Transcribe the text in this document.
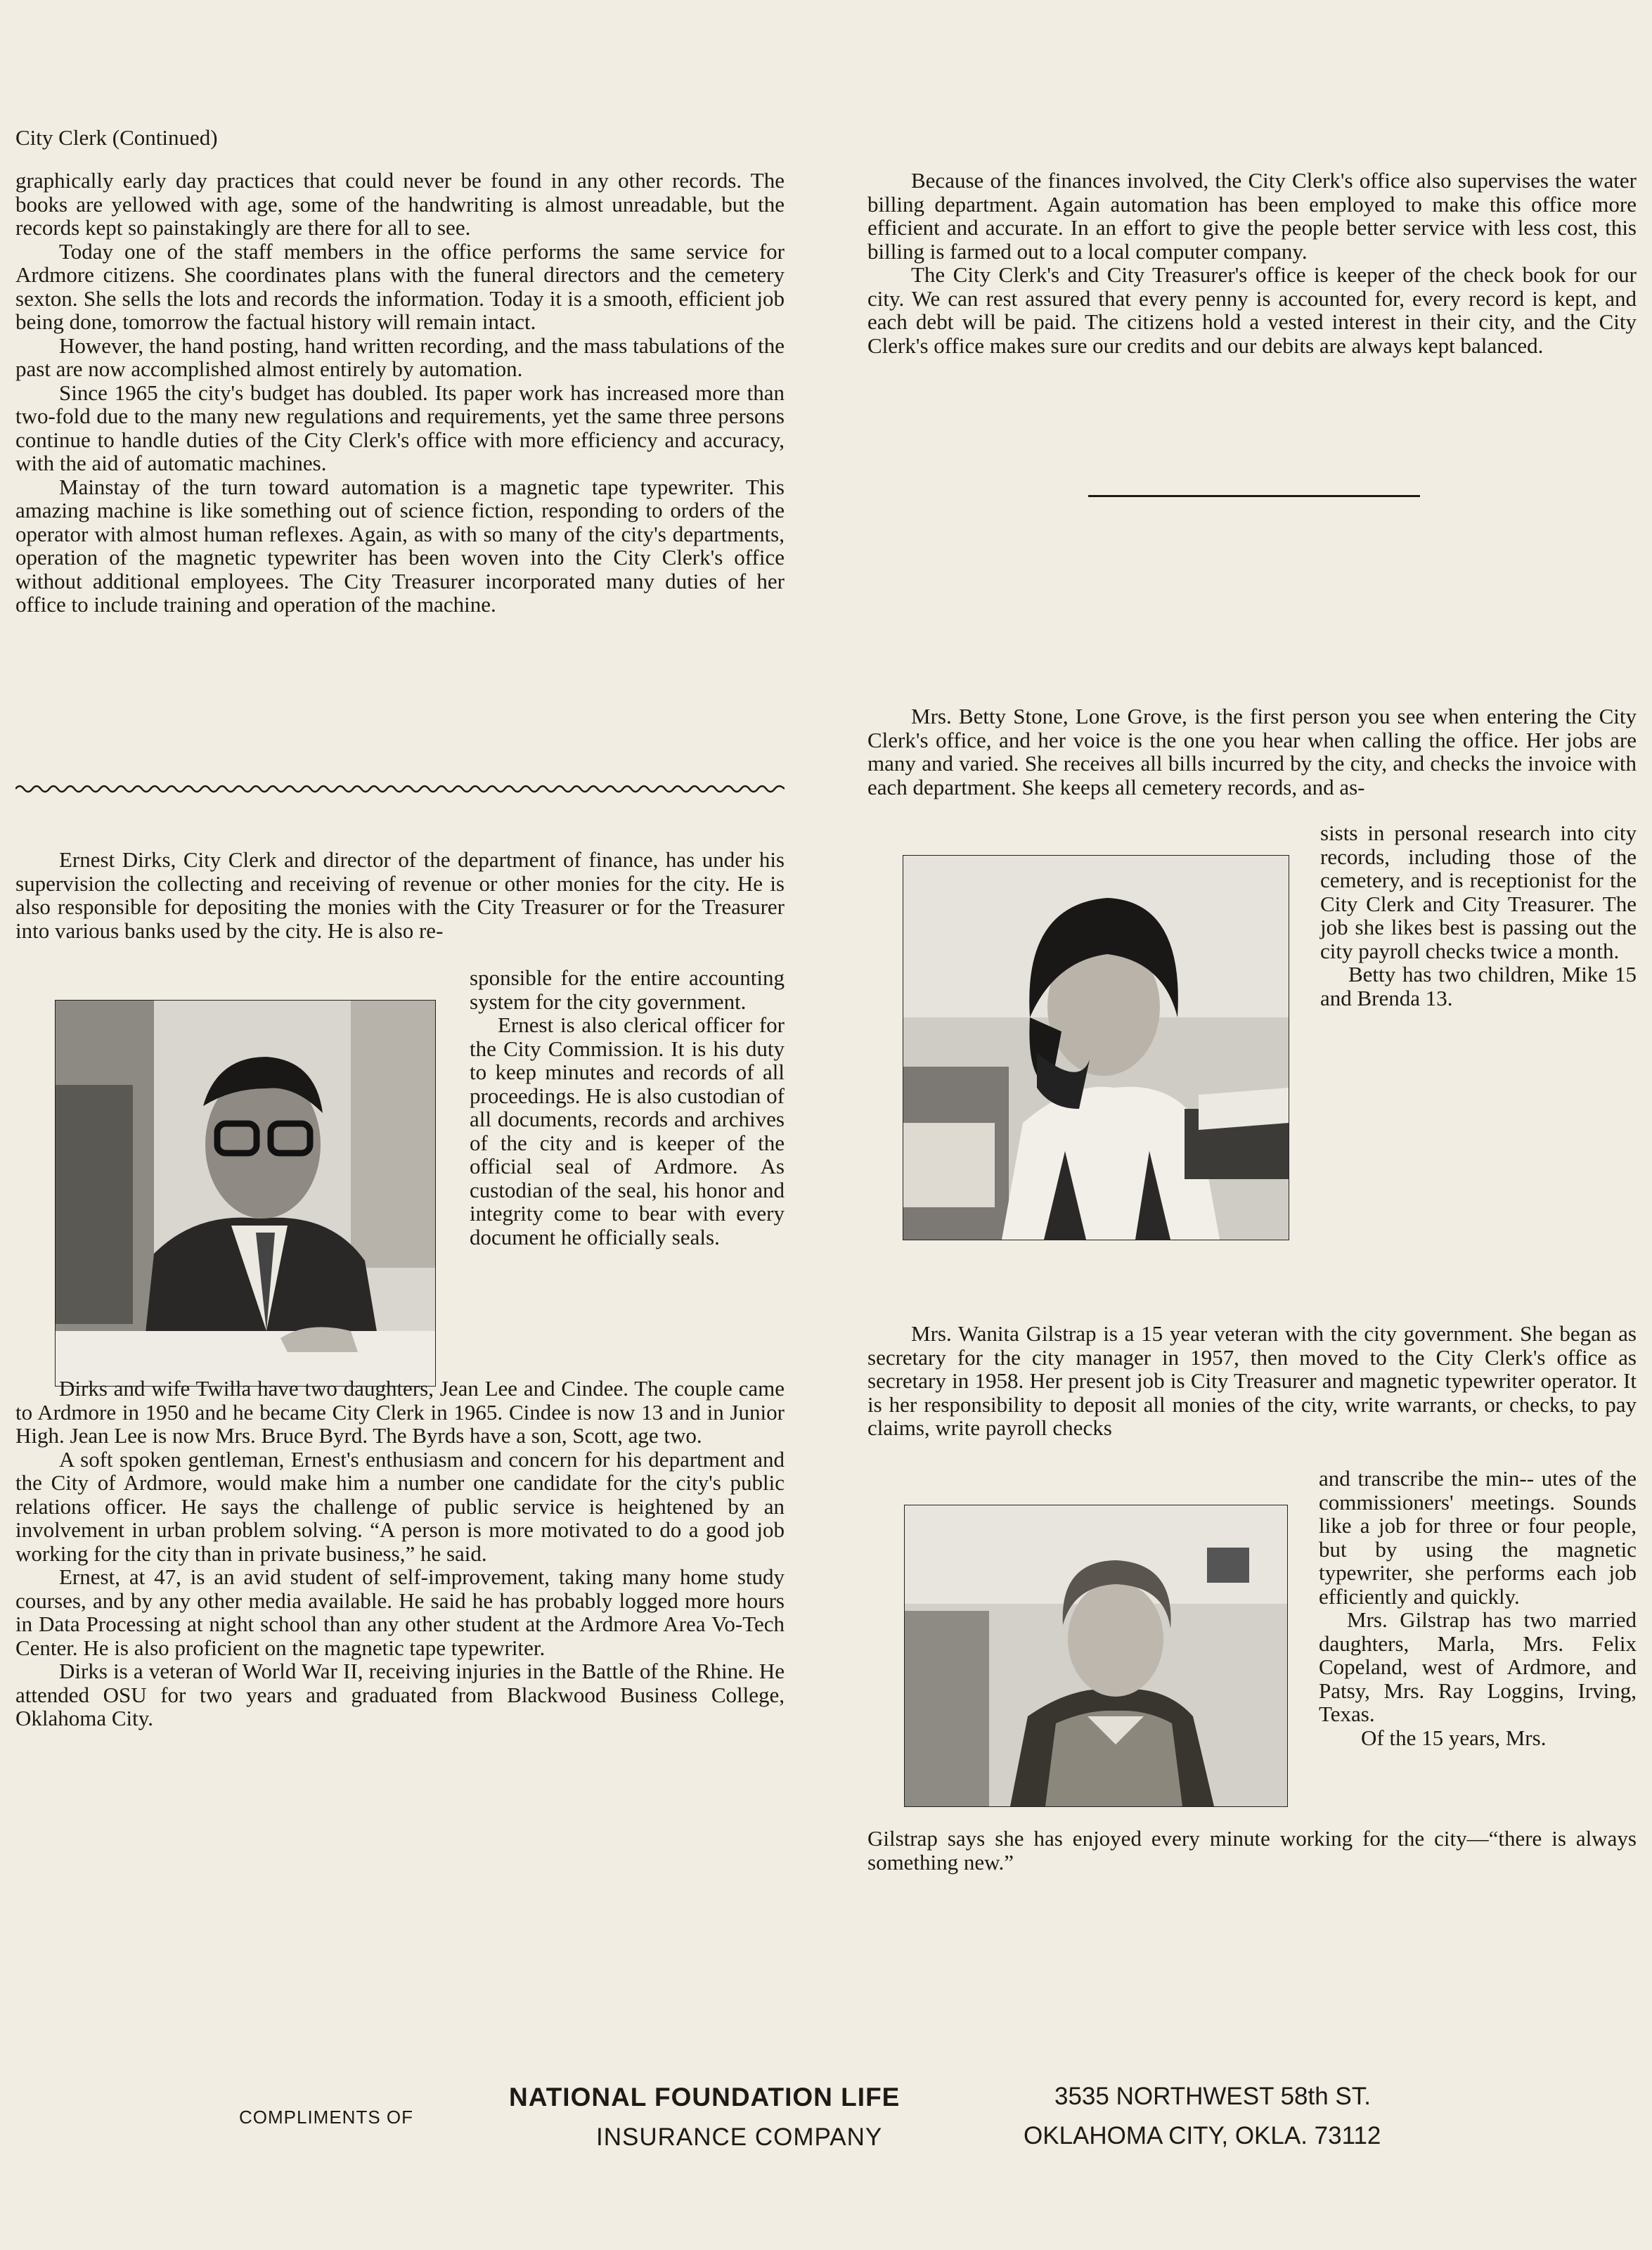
City Clerk (Continued)

graphically early day practices that could never be found in any other records. The books are yellowed with age, some of the handwriting is almost unreadable, but the records kept so painstakingly are there for all to see.

Today one of the staff members in the office performs the same service for Ardmore citizens. She coordinates plans with the funeral directors and the cemetery sexton. She sells the lots and records the information. Today it is a smooth, efficient job being done, tomorrow the factual history will remain intact.

However, the hand posting, hand written recording, and the mass tabulations of the past are now accomplished almost entirely by automation.

Since 1965 the city's budget has doubled. Its paper work has increased more than two-fold due to the many new regulations and requirements, yet the same three persons continue to handle duties of the City Clerk's office with more efficiency and accuracy, with the aid of automatic machines.

Mainstay of the turn toward automation is a magnetic tape typewriter. This amazing machine is like something out of science fiction, responding to orders of the operator with almost human reflexes. Again, as with so many of the city's departments, operation of the magnetic typewriter has been woven into the City Clerk's office without additional employees. The City Treasurer incorporated many duties of her office to include training and operation of the machine.

Ernest Dirks, City Clerk and director of the department of finance, has under his supervision the collecting and receiving of revenue or other monies for the city. He is also responsible for depositing the monies with the City Treasurer or for the Treasurer into various banks used by the city. He is also re-

sponsible for the entire accounting system for the city government.

Ernest is also clerical officer for the City Commission. It is his duty to keep minutes and records of all proceedings. He is also custodian of all documents, records and archives of the city and is keeper of the official seal of Ardmore. As custodian of the seal, his honor and integrity come to bear with every document he officially seals.

Dirks and wife Twilla have two daughters, Jean Lee and Cindee. The couple came to Ardmore in 1950 and he became City Clerk in 1965. Cindee is now 13 and in Junior High. Jean Lee is now Mrs. Bruce Byrd. The Byrds have a son, Scott, age two.

A soft spoken gentleman, Ernest's enthusiasm and concern for his department and the City of Ardmore, would make him a number one candidate for the city's public relations officer. He says the challenge of public service is heightened by an involvement in urban problem solving. “A person is more motivated to do a good job working for the city than in private business,” he said.

Ernest, at 47, is an avid student of self-improvement, taking many home study courses, and by any other media available. He said he has probably logged more hours in Data Processing at night school than any other student at the Ardmore Area Vo-Tech Center. He is also proficient on the magnetic tape typewriter.

Dirks is a veteran of World War II, receiving injuries in the Battle of the Rhine. He attended OSU for two years and graduated from Blackwood Business College, Oklahoma City.

Because of the finances involved, the City Clerk's office also supervises the water billing department. Again automation has been employed to make this office more efficient and accurate. In an effort to give the people better service with less cost, this billing is farmed out to a local computer company.

The City Clerk's and City Treasurer's office is keeper of the check book for our city. We can rest assured that every penny is accounted for, every record is kept, and each debt will be paid. The citizens hold a vested interest in their city, and the City Clerk's office makes sure our credits and our debits are always kept balanced.

Mrs. Betty Stone, Lone Grove, is the first person you see when entering the City Clerk's office, and her voice is the one you hear when calling the office. Her jobs are many and varied. She receives all bills incurred by the city, and checks the invoice with each department. She keeps all cemetery records, and as-

sists in personal research into city records, including those of the cemetery, and is receptionist for the City Clerk and City Treasurer. The job she likes best is passing out the city payroll checks twice a month.

Betty has two children, Mike 15 and Brenda 13.

Mrs. Wanita Gilstrap is a 15 year veteran with the city government. She began as secretary for the city manager in 1957, then moved to the City Clerk's office as secretary in 1958. Her present job is City Treasurer and magnetic typewriter operator. It is her responsibility to deposit all monies of the city, write warrants, or checks, to pay claims, write payroll checks

and transcribe the min-- utes of the commissioners' meetings. Sounds like a job for three or four people, but by using the magnetic typewriter, she performs each job efficiently and quickly.

Mrs. Gilstrap has two married daughters, Marla, Mrs. Felix Copeland, west of Ardmore, and Patsy, Mrs. Ray Loggins, Irving, Texas.

Of the 15 years, Mrs.

Gilstrap says she has enjoyed every minute working for the city—“there is always something new.”

COMPLIMENTS OF
NATIONAL FOUNDATION LIFE
INSURANCE COMPANY
3535 NORTHWEST 58th ST.
OKLAHOMA CITY, OKLA. 73112
